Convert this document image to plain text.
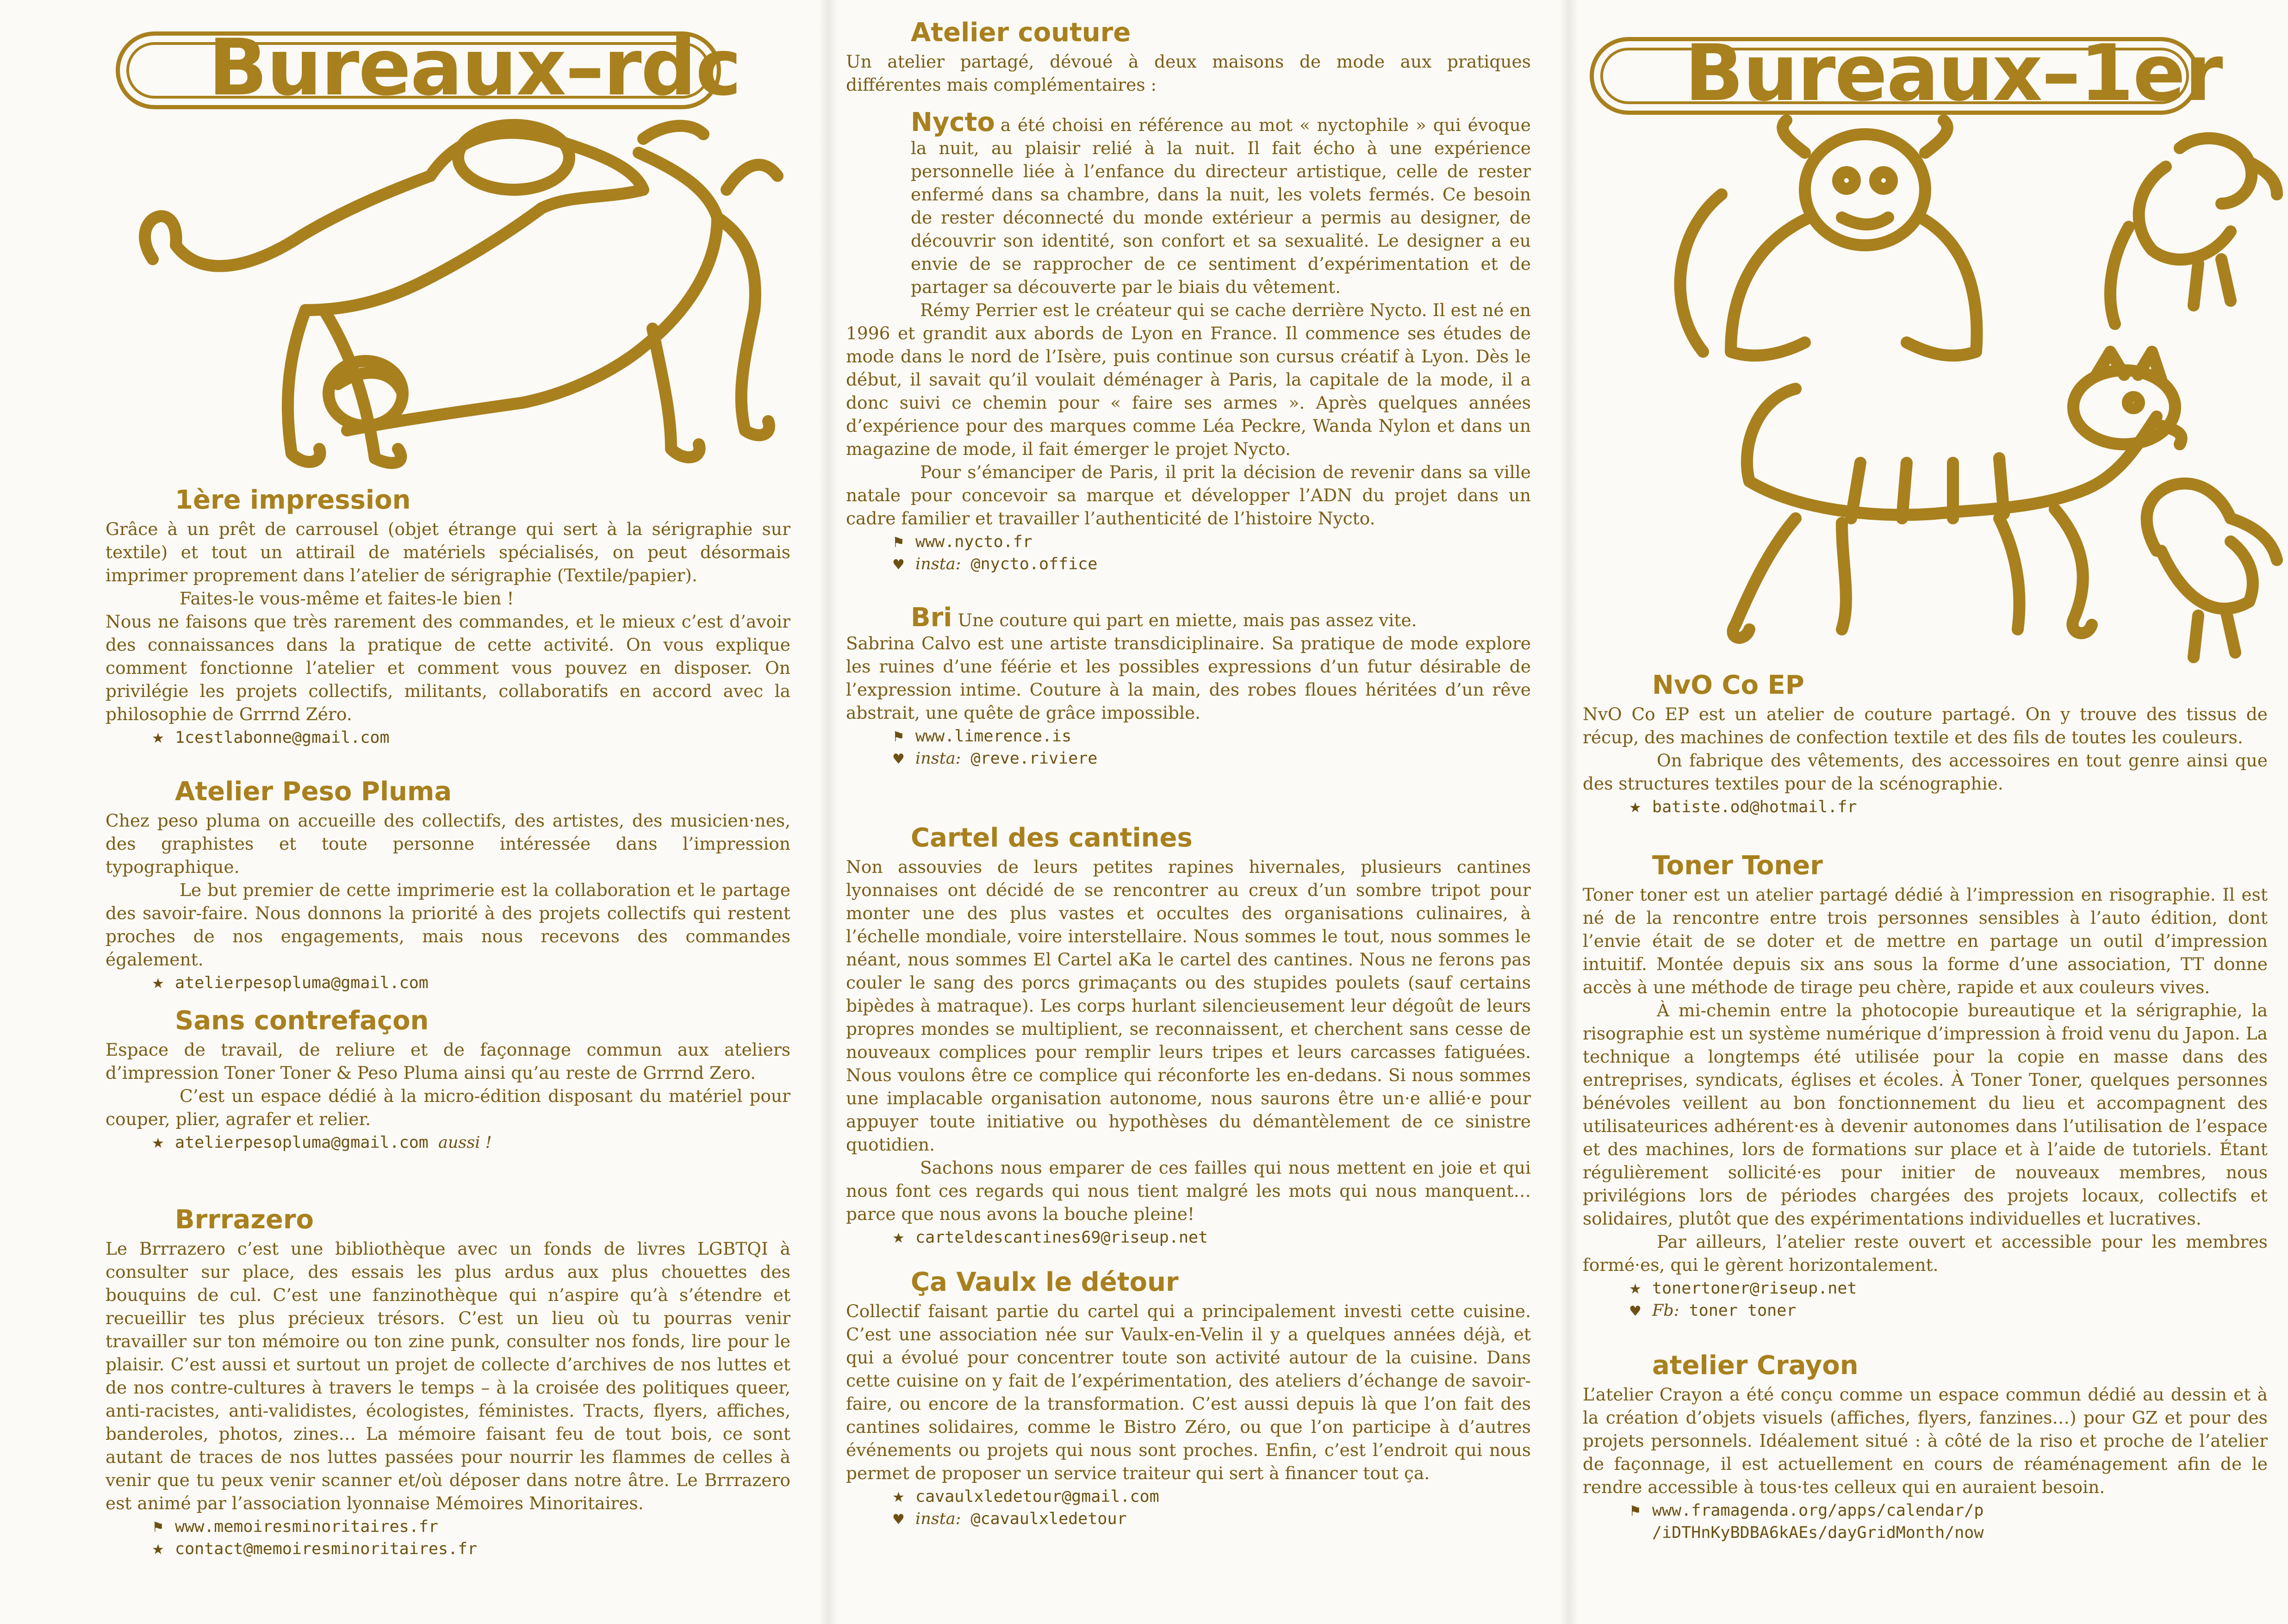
Bureaux–rdc
1ère impression

Grâce à un prêt de carrousel (objet étrange qui sert à la sérigraphie sur textile) et tout un attirail de matériels spécialisés, on peut désormais imprimer proprement dans l’atelier de sérigraphie (Textile/papier).

Faites-le vous-même et faites-le bien !

Nous ne faisons que très rarement des commandes, et le mieux c’est d’avoir des connaissances dans la pratique de cette activité. On vous explique comment fonctionne l’atelier et comment vous pouvez en disposer. On privilégie les projets collectifs, militants, collaboratifs en accord avec la philosophie de Grrrnd Zéro.

★ 1cestlabonne@gmail.com
Atelier Peso Pluma

Chez peso pluma on accueille des collectifs, des artistes, des musicien·nes, des graphistes et toute personne intéressée dans l’impression typographique.

Le but premier de cette imprimerie est la collaboration et le partage des savoir-faire. Nous donnons la priorité à des projets collectifs qui restent proches de nos engagements, mais nous recevons des commandes également.

★ atelierpesopluma@gmail.com
Sans contrefaçon

Espace de travail, de reliure et de façonnage commun aux ateliers d’impression Toner Toner & Peso Pluma ainsi qu’au reste de Grrrnd Zero.

C’est un espace dédié à la micro-édition disposant du matériel pour couper, plier, agrafer et relier.

★ atelierpesopluma@gmail.com aussi !
Brrrazero

Le Brrrazero c’est une bibliothèque avec un fonds de livres LGBTQI à consulter sur place, des essais les plus ardus aux plus chouettes des bouquins de cul. C’est une fanzinothèque qui n’aspire qu’à s’étendre et recueillir tes plus précieux trésors. C’est un lieu où tu pourras venir travailler sur ton mémoire ou ton zine punk, consulter nos fonds, lire pour le plaisir. C’est aussi et surtout un projet de collecte d’archives de nos luttes et de nos contre-cultures à travers le temps – à la croisée des politiques queer, anti-racistes, anti-validistes, écologistes, féministes. Tracts, flyers, affiches, banderoles, photos, zines… La mémoire faisant feu de tout bois, ce sont autant de traces de nos luttes passées pour nourrir les flammes de celles à venir que tu peux venir scanner et/où déposer dans notre âtre. Le Brrrazero est animé par l’association lyonnaise Mémoires Minoritaires.

⚑ www.memoiresminoritaires.fr
★ contact@memoiresminoritaires.fr
Atelier couture

Un atelier partagé, dévoué à deux maisons de mode aux pratiques différentes mais complémentaires :

Nycto a été choisi en référence au mot « nyctophile » qui évoque la nuit, au plaisir relié à la nuit. Il fait écho à une expérience personnelle liée à l’enfance du directeur artistique, celle de rester enfermé dans sa chambre, dans la nuit, les volets fermés. Ce besoin de rester déconnecté du monde extérieur a permis au designer, de découvrir son identité, son confort et sa sexualité. Le designer a eu envie de se rapprocher de ce sentiment d’expérimentation et de partager sa découverte par le biais du vêtement.

Rémy Perrier est le créateur qui se cache derrière Nycto. Il est né en 1996 et grandit aux abords de Lyon en France. Il commence ses études de mode dans le nord de l’Isère, puis continue son cursus créatif à Lyon. Dès le début, il savait qu’il voulait déménager à Paris, la capitale de la mode, il a donc suivi ce chemin pour « faire ses armes ». Après quelques années d’expérience pour des marques comme Léa Peckre, Wanda Nylon et dans un magazine de mode, il fait émerger le projet Nycto.

Pour s’émanciper de Paris, il prit la décision de revenir dans sa ville natale pour concevoir sa marque et développer l’ADN du projet dans un cadre familier et travailler l’authenticité de l’histoire Nycto.

⚑ www.nycto.fr
♥ insta: @nycto.office

Bri Une couture qui part en miette, mais pas assez vite.

Sabrina Calvo est une artiste transdiciplinaire. Sa pratique de mode explore les ruines d’une féérie et les possibles expressions d’un futur désirable de l’expression intime. Couture à la main, des robes floues héritées d’un rêve abstrait, une quête de grâce impossible.

⚑ www.limerence.is
♥ insta: @reve.riviere
Cartel des cantines

Non assouvies de leurs petites rapines hivernales, plusieurs cantines lyonnaises ont décidé de se rencontrer au creux d’un sombre tripot pour monter une des plus vastes et occultes des organisations culinaires, à l’échelle mondiale, voire interstellaire. Nous sommes le tout, nous sommes le néant, nous sommes El Cartel aKa le cartel des cantines. Nous ne ferons pas couler le sang des porcs grimaçants ou des stupides poulets (sauf certains bipèdes à matraque). Les corps hurlant silencieusement leur dégoût de leurs propres mondes se multiplient, se reconnaissent, et cherchent sans cesse de nouveaux complices pour remplir leurs tripes et leurs carcasses fatiguées. Nous voulons être ce complice qui réconforte les en-dedans. Si nous sommes une implacable organisation autonome, nous saurons être un·e allié·e pour appuyer toute initiative ou hypothèses du démantèlement de ce sinistre quotidien.

Sachons nous emparer de ces failles qui nous mettent en joie et qui nous font ces regards qui nous tient malgré les mots qui nous manquent… parce que nous avons la bouche pleine!

★ carteldescantines69@riseup.net
Ça Vaulx le détour

Collectif faisant partie du cartel qui a principalement investi cette cuisine. C’est une association née sur Vaulx-en-Velin il y a quelques années déjà, et qui a évolué pour concentrer toute son activité autour de la cuisine. Dans cette cuisine on y fait de l’expérimentation, des ateliers d’échange de savoir-faire, ou encore de la transformation. C’est aussi depuis là que l’on fait des cantines solidaires, comme le Bistro Zéro, ou que l’on participe à d’autres événements ou projets qui nous sont proches. Enfin, c’est l’endroit qui nous permet de proposer un service traiteur qui sert à financer tout ça.

★ cavaulxledetour@gmail.com
♥ insta: @cavaulxledetour
Bureaux–1er
NvO Co EP

NvO Co EP est un atelier de couture partagé. On y trouve des tissus de récup, des machines de confection textile et des fils de toutes les couleurs.

On fabrique des vêtements, des accessoires en tout genre ainsi que des structures textiles pour de la scénographie.

★ batiste.od@hotmail.fr
Toner Toner

Toner toner est un atelier partagé dédié à l’impression en risographie. Il est né de la rencontre entre trois personnes sensibles à l’auto édition, dont l’envie était de se doter et de mettre en partage un outil d’impression intuitif. Montée depuis six ans sous la forme d’une association, TT donne accès à une méthode de tirage peu chère, rapide et aux couleurs vives.

À mi-chemin entre la photocopie bureautique et la sérigraphie, la risographie est un système numérique d’impression à froid venu du Japon. La technique a longtemps été utilisée pour la copie en masse dans des entreprises, syndicats, églises et écoles. À Toner Toner, quelques personnes bénévoles veillent au bon fonctionnement du lieu et accompagnent des utilisateurices adhérent·es à devenir autonomes dans l’utilisation de l’espace et des machines, lors de formations sur place et à l’aide de tutoriels. Étant régulièrement sollicité·es pour initier de nouveaux membres, nous privilégions lors de périodes chargées des projets locaux, collectifs et solidaires, plutôt que des expérimentations individuelles et lucratives.

Par ailleurs, l’atelier reste ouvert et accessible pour les membres formé·es, qui le gèrent horizontalement.

★ tonertoner@riseup.net
♥ Fb: toner toner
atelier Crayon

L’atelier Crayon a été conçu comme un espace commun dédié au dessin et à la création d’objets visuels (affiches, flyers, fanzines…) pour GZ et pour des projets personnels. Idéalement situé : à côté de la riso et proche de l’atelier de façonnage, il est actuellement en cours de réaménagement afin de le rendre accessible à tous·tes celleux qui en auraient besoin.

⚑ www.framagenda.org/apps/calendar/p
/iDTHnKyBDBA6kAEs/dayGridMonth/now
